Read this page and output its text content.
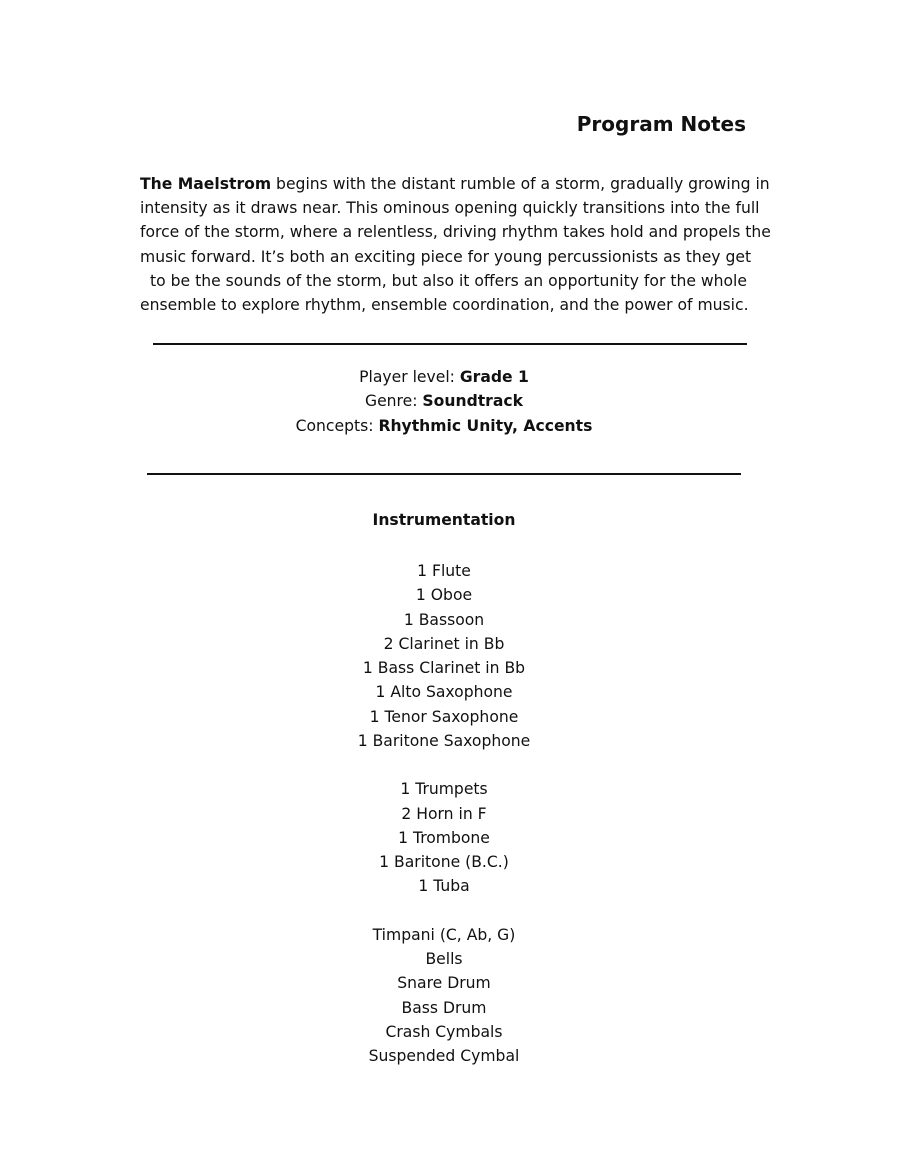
Program Notes

The Maelstrom begins with the distant rumble of a storm, gradually growing in
intensity as it draws near. This ominous opening quickly transitions into the full
force of the storm, where a relentless, driving rhythm takes hold and propels the
music forward. It’s both an exciting piece for young percussionists as they get
to be the sounds of the storm, but also it offers an opportunity for the whole
ensemble to explore rhythm, ensemble coordination, and the power of music.

Player level: Grade 1
Genre: Soundtrack
Concepts: Rhythmic Unity, Accents
Instrumentation
1 Flute
1 Oboe
1 Bassoon
2 Clarinet in Bb
1 Bass Clarinet in Bb
1 Alto Saxophone
1 Tenor Saxophone
1 Baritone Saxophone
1 Trumpets
2 Horn in F
1 Trombone
1 Baritone (B.C.)
1 Tuba
Timpani (C, Ab, G)
Bells
Snare Drum
Bass Drum
Crash Cymbals
Suspended Cymbal
